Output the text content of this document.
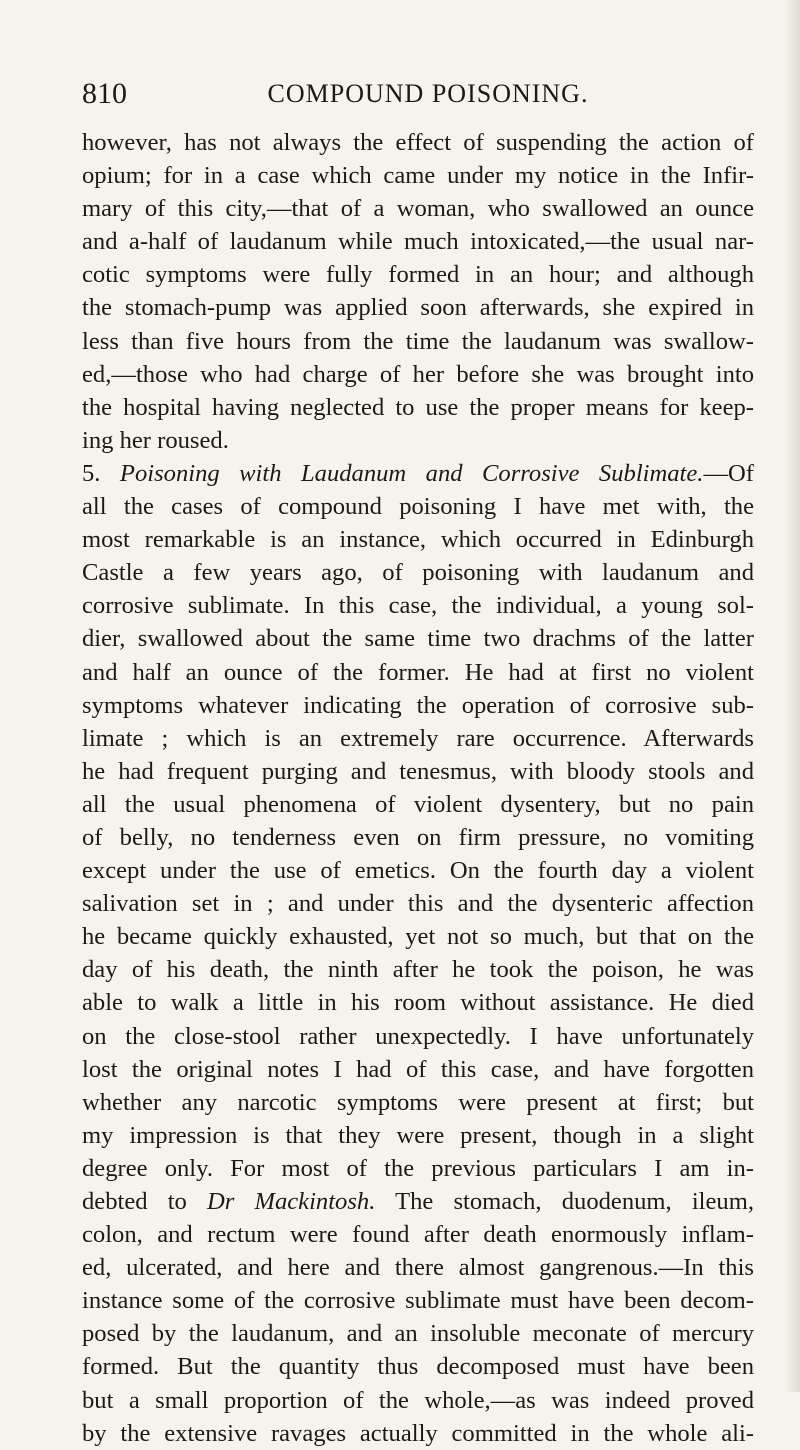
810	COMPOUND POISONING.
however, has not always the effect of suspending the action of
opium; for in a case which came under my notice in the Infir-
mary of this city,—that of a woman, who swallowed an ounce
and a-half of laudanum while much intoxicated,—the usual nar-
cotic symptoms were fully formed in an hour; and although
the stomach-pump was applied soon afterwards, she expired in
less than five hours from the time the laudanum was swallow-
ed,—those who had charge of her before she was brought into
the hospital having neglected to use the proper means for keep-
ing her roused.
5. Poisoning with Laudanum and Corrosive Sublimate.—Of
all the cases of compound poisoning I have met with, the
most remarkable is an instance, which occurred in Edinburgh
Castle a few years ago, of poisoning with laudanum and
corrosive sublimate. In this case, the individual, a young sol-
dier, swallowed about the same time two drachms of the latter
and half an ounce of the former. He had at first no violent
symptoms whatever indicating the operation of corrosive sub-
limate ; which is an extremely rare occurrence. Afterwards
he had frequent purging and tenesmus, with bloody stools and
all the usual phenomena of violent dysentery, but no pain
of belly, no tenderness even on firm pressure, no vomiting
except under the use of emetics. On the fourth day a violent
salivation set in ; and under this and the dysenteric affection
he became quickly exhausted, yet not so much, but that on the
day of his death, the ninth after he took the poison, he was
able to walk a little in his room without assistance. He died
on the close-stool rather unexpectedly. I have unfortunately
lost the original notes I had of this case, and have forgotten
whether any narcotic symptoms were present at first; but
my impression is that they were present, though in a slight
degree only. For most of the previous particulars I am in-
debted to Dr Mackintosh. The stomach, duodenum, ileum,
colon, and rectum were found after death enormously inflam-
ed, ulcerated, and here and there almost gangrenous.—In this
instance some of the corrosive sublimate must have been decom-
posed by the laudanum, and an insoluble meconate of mercury
formed. But the quantity thus decomposed must have been
but a small proportion of the whole,—as was indeed proved
by the extensive ravages actually committed in the whole ali-
